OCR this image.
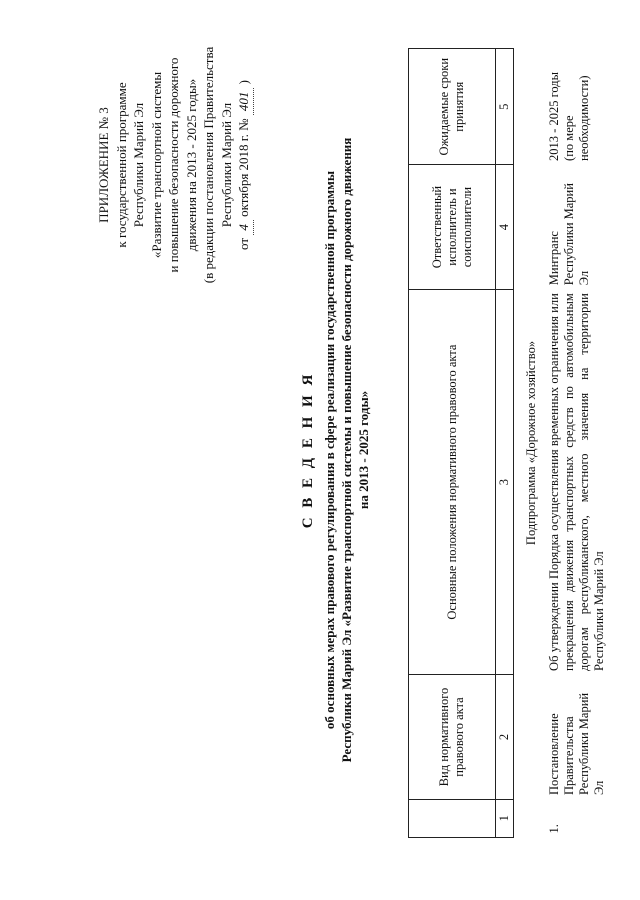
ПРИЛОЖЕНИЕ № 3 к государственной программе Республики Марий Эл «Развитие транспортной системы и повышение безопасности дорожного движения на 2013 - 2025 годы» (в редакции постановления Правительства Республики Марий Эл
от 4 октября 2018 г. № 401 )
С В Е Д Е Н И Я об основных мерах правового регулирования в сфере реализации государственной программы Республики Марий Эл «Развитие транспортной системы и повышение безопасности дорожного движения на 2013 - 2025 годы»
	Вид нормативного правового акта	Основные положения нормативного правового акта	Ответственный исполнитель и соисполнители	Ожидаемые сроки принятия
1	2	3	4	5
Подпрограмма «Дорожное хозяйство»				
1.	Постановление Правительства Республики Марий Эл	Об утверждении Порядка осуществления временных ограничения или прекращения движения транспортных средств по автомобильным дорогам республиканского, местного значения на территории Республики Марий Эл	Минтранс Республики Марий Эл	2013 - 2025 годы (по мере необходимости)
